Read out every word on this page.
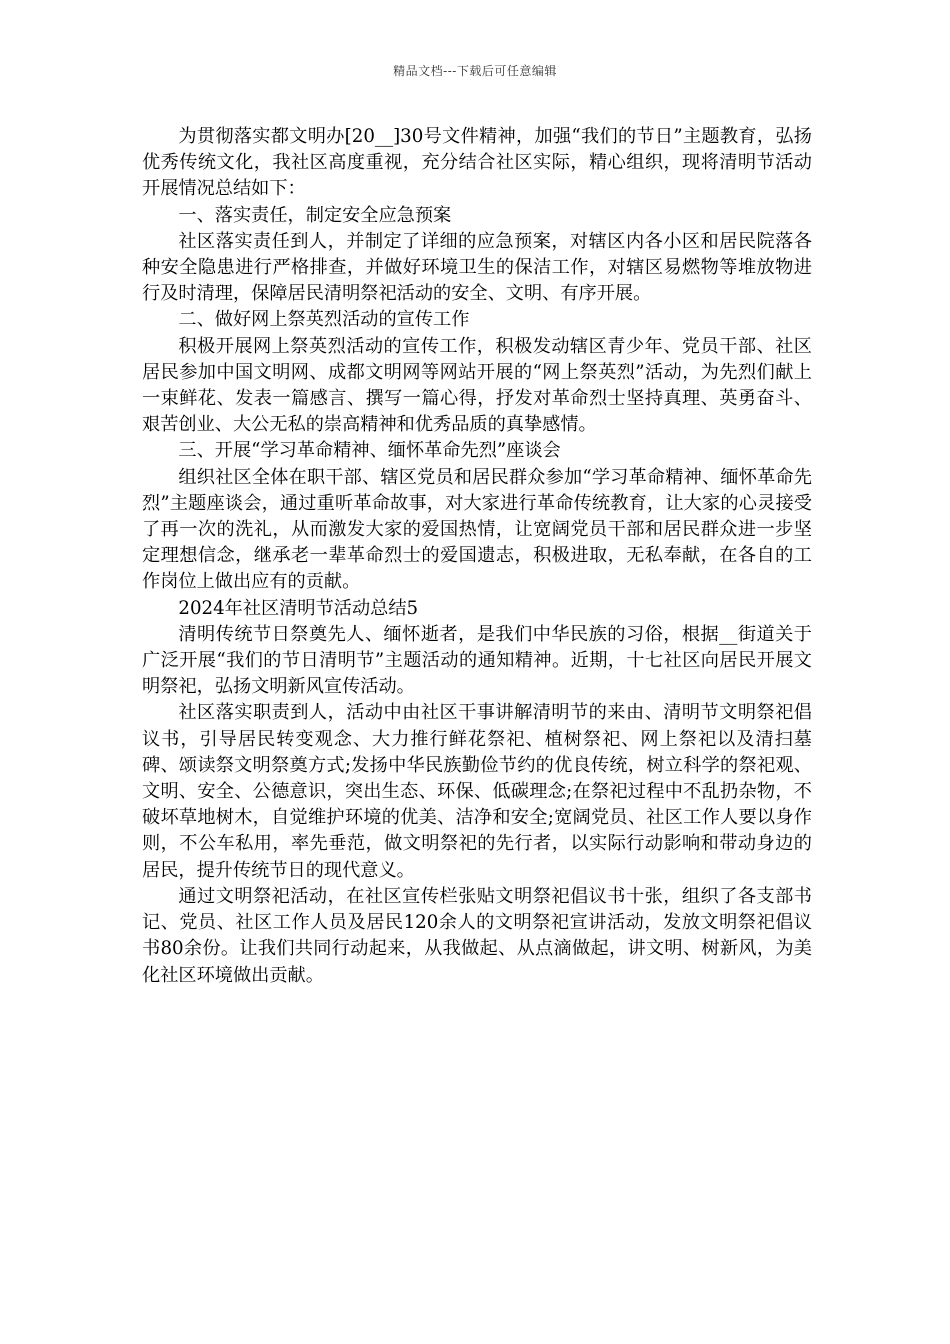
精品文档---下载后可任意编辑

为贯彻落实都文明办[20__]30号文件精神，加强“我们的节日”主题教育，弘扬优秀传统文化，我社区高度重视，充分结合社区实际，精心组织，现将清明节活动开展情况总结如下：

一、落实责任，制定安全应急预案

社区落实责任到人，并制定了详细的应急预案，对辖区内各小区和居民院落各种安全隐患进行严格排查，并做好环境卫生的保洁工作，对辖区易燃物等堆放物进行及时清理，保障居民清明祭祀活动的安全、文明、有序开展。

二、做好网上祭英烈活动的宣传工作

积极开展网上祭英烈活动的宣传工作，积极发动辖区青少年、党员干部、社区居民参加中国文明网、成都文明网等网站开展的“网上祭英烈”活动，为先烈们献上一束鲜花、发表一篇感言、撰写一篇心得，抒发对革命烈士坚持真理、英勇奋斗、艰苦创业、大公无私的崇高精神和优秀品质的真挚感情。

三、开展“学习革命精神、缅怀革命先烈”座谈会

组织社区全体在职干部、辖区党员和居民群众参加“学习革命精神、缅怀革命先烈”主题座谈会，通过重听革命故事，对大家进行革命传统教育，让大家的心灵接受了再一次的洗礼，从而激发大家的爱国热情，让宽阔党员干部和居民群众进一步坚定理想信念，继承老一辈革命烈士的爱国遗志，积极进取，无私奉献，在各自的工作岗位上做出应有的贡献。

2024年社区清明节活动总结5

清明传统节日祭奠先人、缅怀逝者，是我们中华民族的习俗，根据__街道关于广泛开展“我们的节日清明节”主题活动的通知精神。近期，十七社区向居民开展文明祭祀，弘扬文明新风宣传活动。

社区落实职责到人，活动中由社区干事讲解清明节的来由、清明节文明祭祀倡议书，引导居民转变观念、大力推行鲜花祭祀、植树祭祀、网上祭祀以及清扫墓碑、颂读祭文明祭奠方式;发扬中华民族勤俭节约的优良传统，树立科学的祭祀观、文明、安全、公德意识，突出生态、环保、低碳理念;在祭祀过程中不乱扔杂物，不破坏草地树木，自觉维护环境的优美、洁净和安全;宽阔党员、社区工作人要以身作则，不公车私用，率先垂范，做文明祭祀的先行者，以实际行动影响和带动身边的居民，提升传统节日的现代意义。

通过文明祭祀活动，在社区宣传栏张贴文明祭祀倡议书十张，组织了各支部书记、党员、社区工作人员及居民120余人的文明祭祀宣讲活动，发放文明祭祀倡议书80余份。让我们共同行动起来，从我做起、从点滴做起，讲文明、树新风，为美化社区环境做出贡献。
